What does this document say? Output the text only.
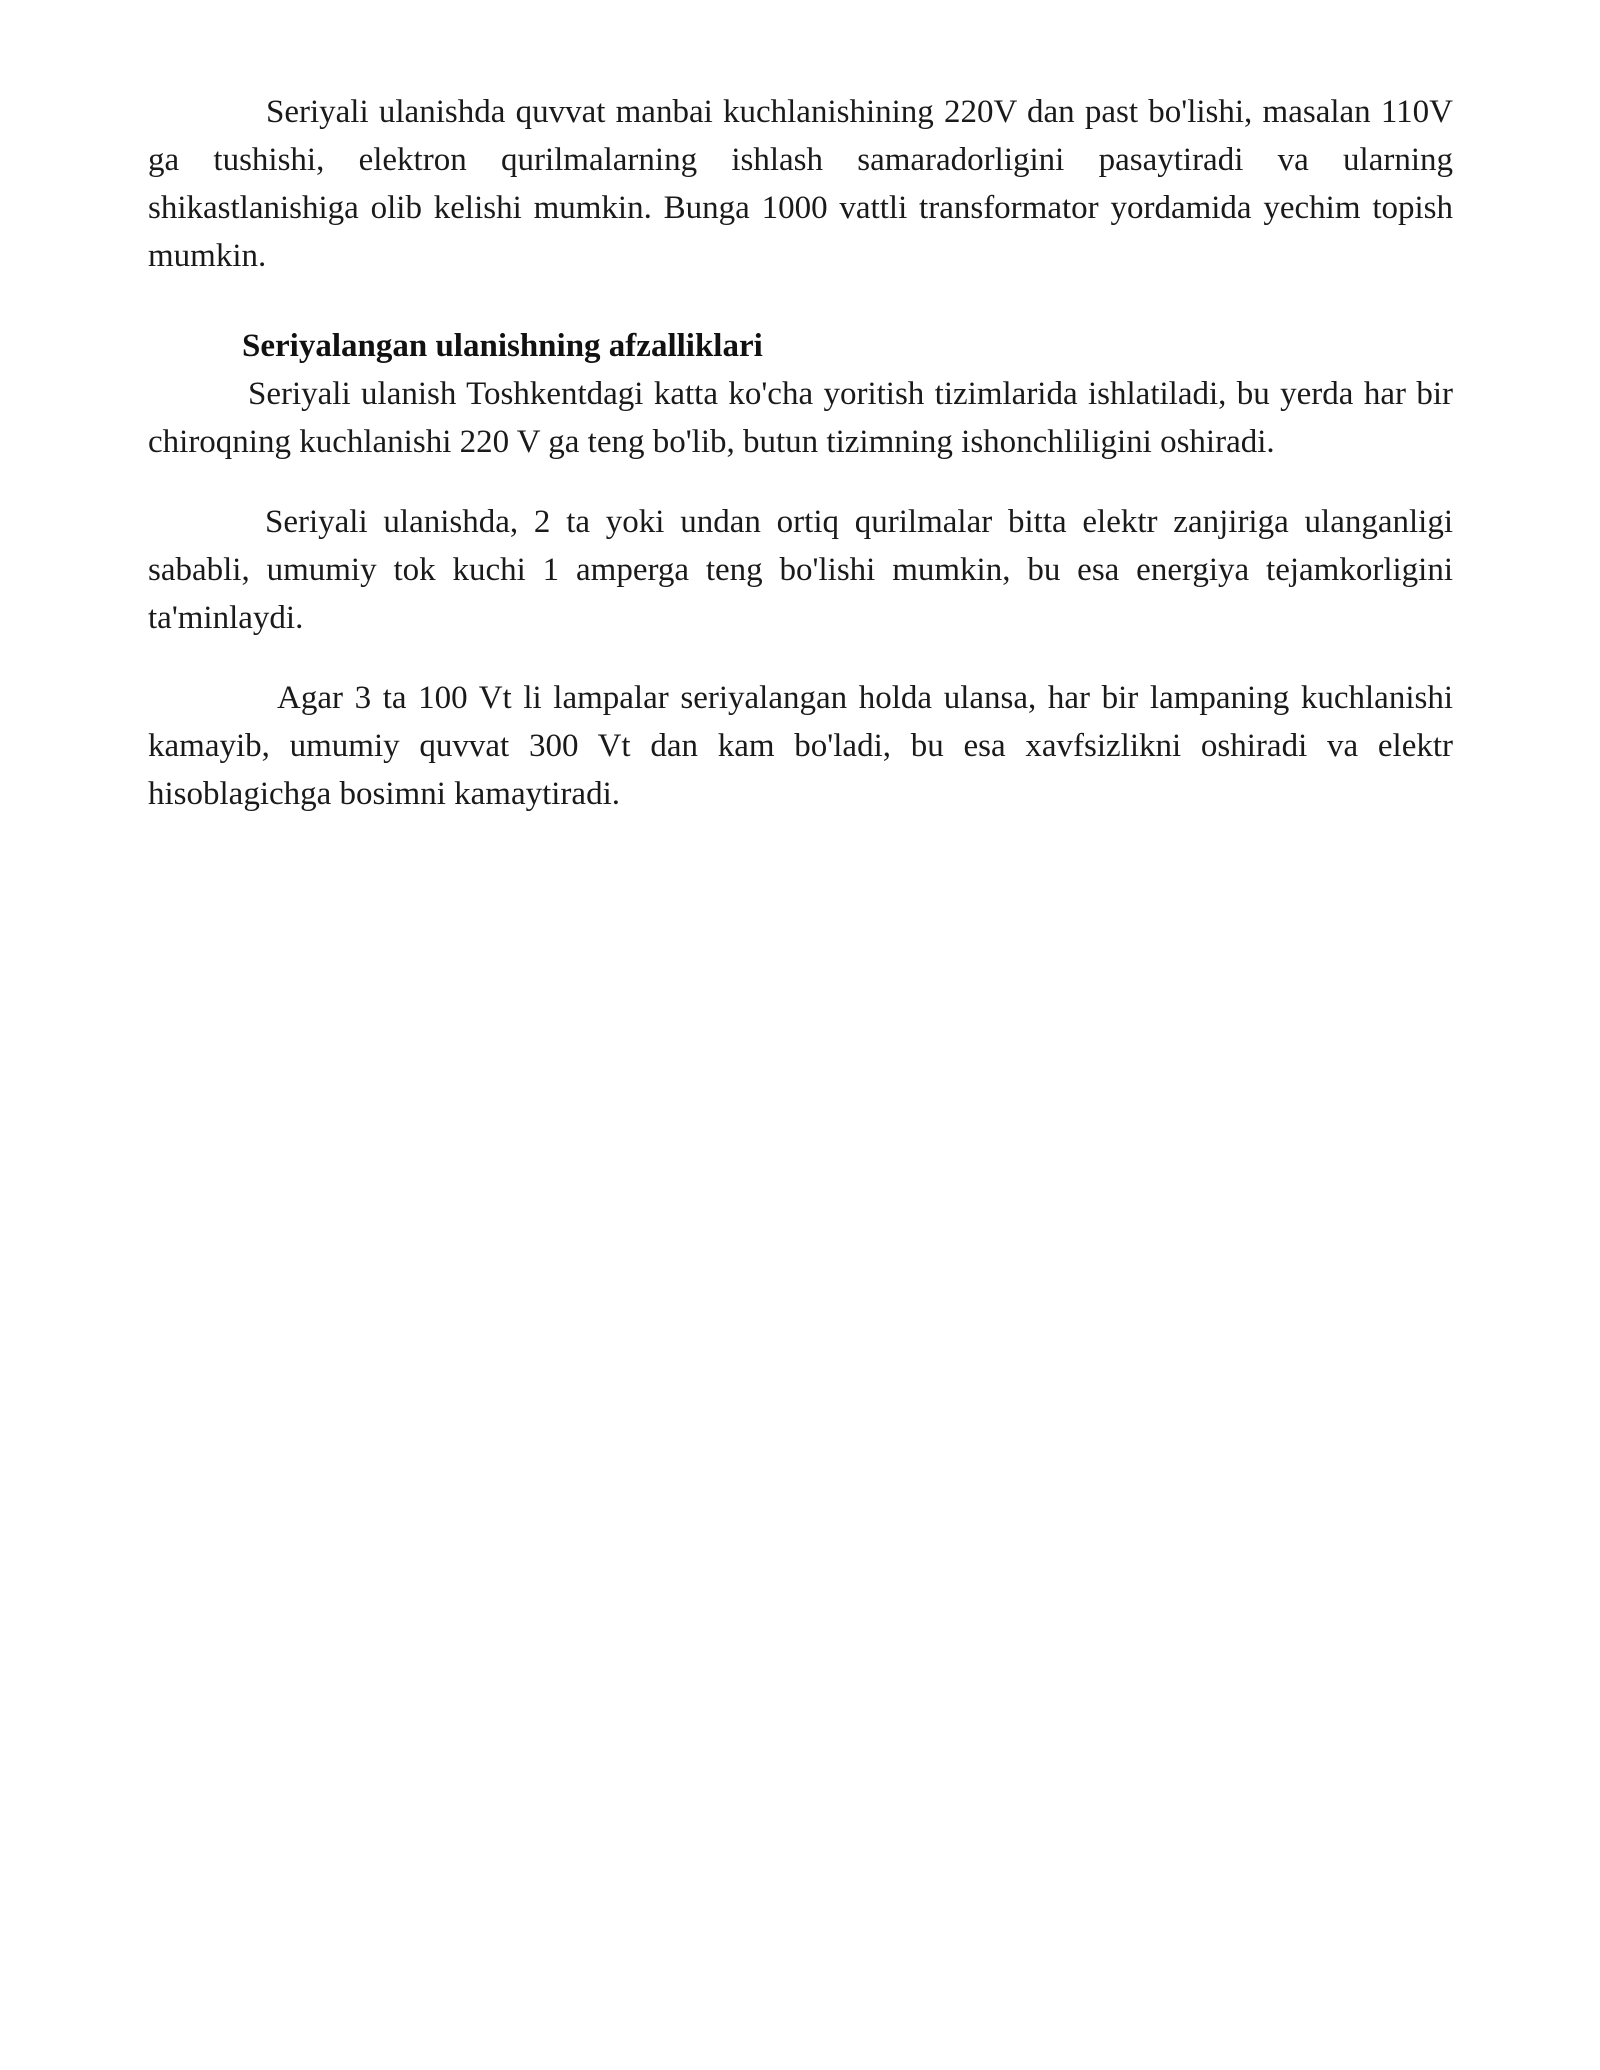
Seriyali ulanishda quvvat manbai kuchlanishining 220V dan past bo'lishi, masalan 110V ga tushishi, elektron qurilmalarning ishlash samaradorligini pasaytiradi va ularning shikastlanishiga olib kelishi mumkin. Bunga 1000 vattli transformator yordamida yechim topish mumkin.

Seriyalangan ulanishning afzalliklari

Seriyali ulanish Toshkentdagi katta ko'cha yoritish tizimlarida ishlatiladi, bu yerda har bir chiroqning kuchlanishi 220 V ga teng bo'lib, butun tizimning ishonchliligini oshiradi.

Seriyali ulanishda, 2 ta yoki undan ortiq qurilmalar bitta elektr zanjiriga ulanganligi sababli, umumiy tok kuchi 1 amperga teng bo'lishi mumkin, bu esa energiya tejamkorligini ta'minlaydi.

Agar 3 ta 100 Vt li lampalar seriyalangan holda ulansa, har bir lampaning kuchlanishi kamayib, umumiy quvvat 300 Vt dan kam bo'ladi, bu esa xavfsizlikni oshiradi va elektr hisoblagichga bosimni kamaytiradi.
